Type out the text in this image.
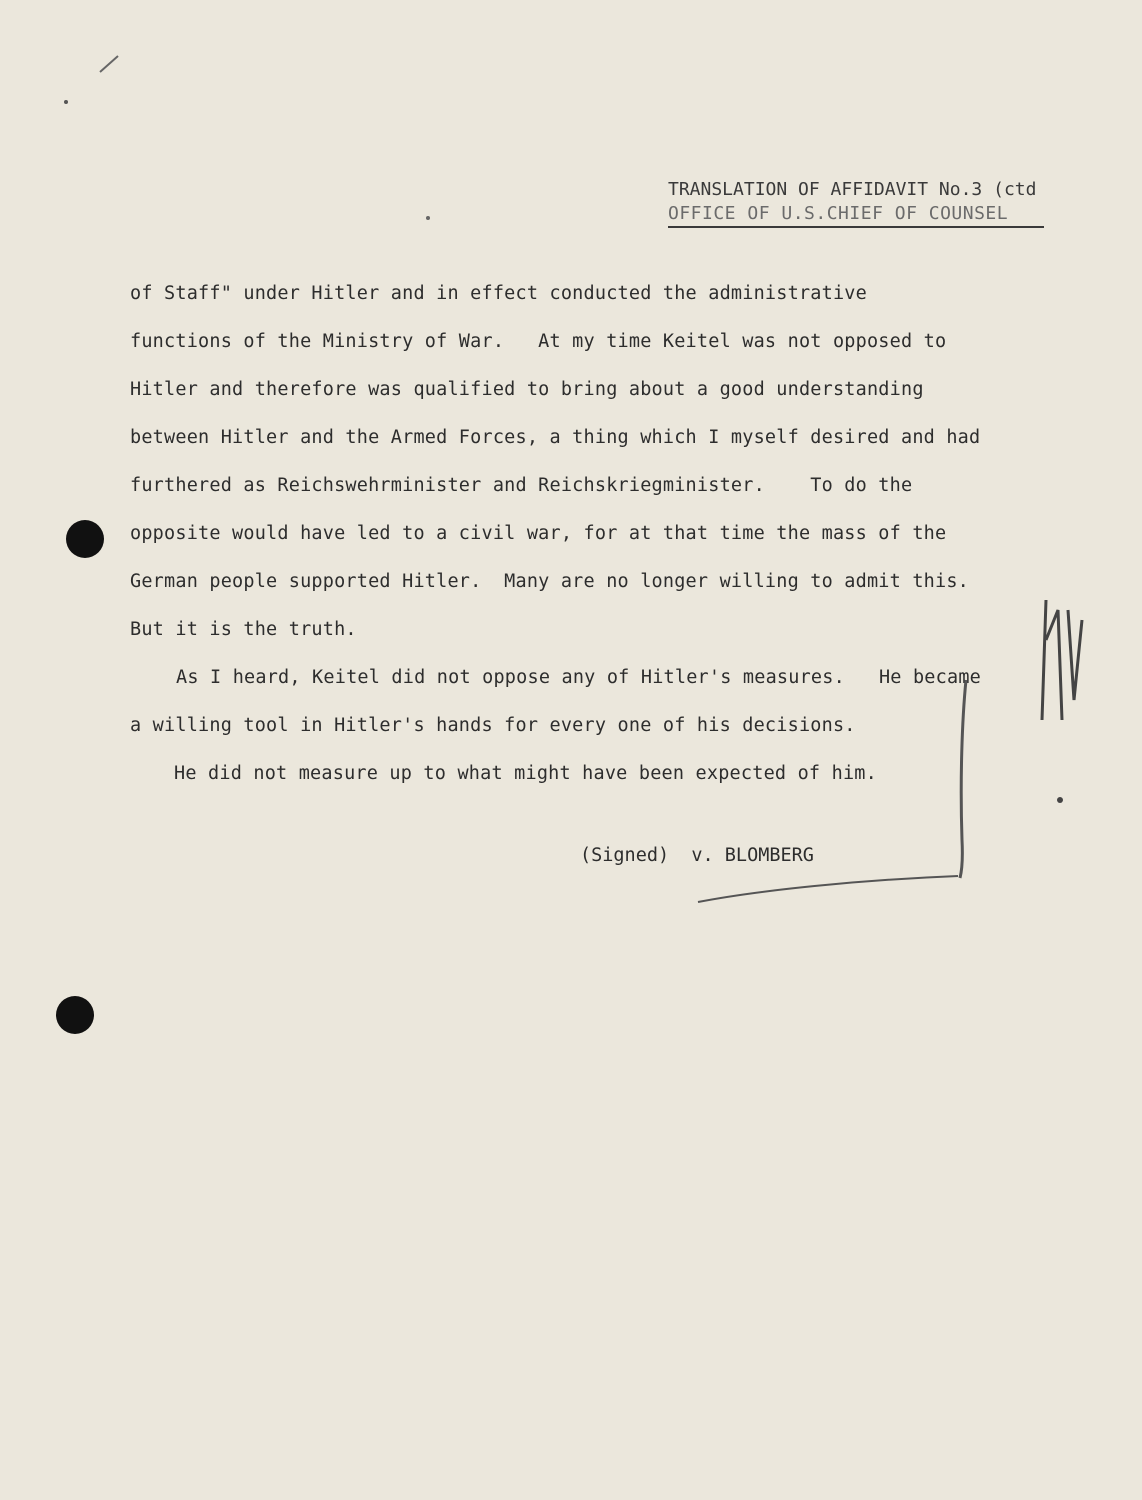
TRANSLATION OF AFFIDAVIT No.3 (ctd
OFFICE OF U.S.CHIEF OF COUNSEL

of Staff" under Hitler and in effect conducted the administrative

functions of the Ministry of War.   At my time Keitel was not opposed to

Hitler and therefore was qualified to bring about a good understanding

between Hitler and the Armed Forces, a thing which I myself desired and had

furthered as Reichswehrminister and Reichskriegminister.    To do the

opposite would have led to a civil war, for at that time the mass of the

German people supported Hitler.  Many are no longer willing to admit this.

But it is the truth.

As I heard, Keitel did not oppose any of Hitler's measures.   He became

a willing tool in Hitler's hands for every one of his decisions.

He did not measure up to what might have been expected of him.

(Signed)  v. BLOMBERG
